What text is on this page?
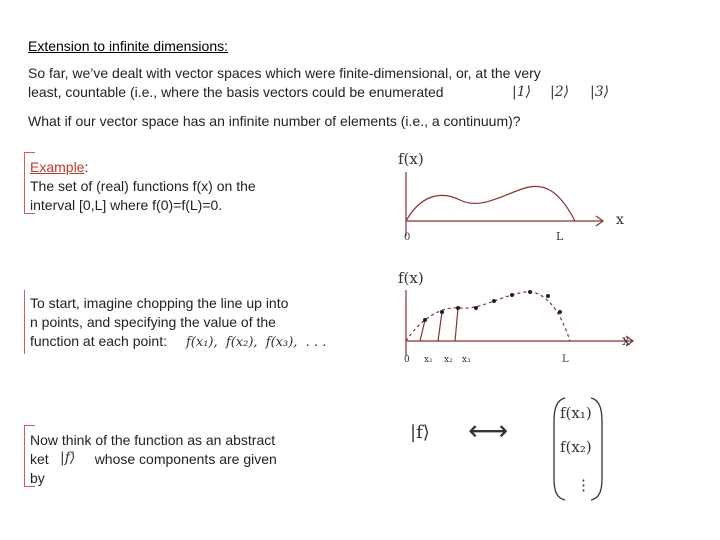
Extension to infinite dimensions:
So far, we’ve dealt with vector spaces which were finite-dimensional, or, at the very
least, countable (i.e., where the basis vectors could be enumerated	|1⟩ |2⟩ |3⟩
What if our vector space has an infinite number of elements (i.e., a continuum)?
Example:
The set of (real) functions f(x) on the
interval [0,L] where f(0)=f(L)=0.
To start, imagine chopping the line up into
n points, and specifying the value of the
function at each point:	f(x₁),  f(x₂),  f(x₃),  . . .
Now think of the function as an abstract
ket	whose components are given
by
|f⟩
f(x)
x
0	L
f(x)
x
0 x₁ x₂ x₃	L
|f⟩ ⟷
f(x₁)
f(x₂)
⋮
